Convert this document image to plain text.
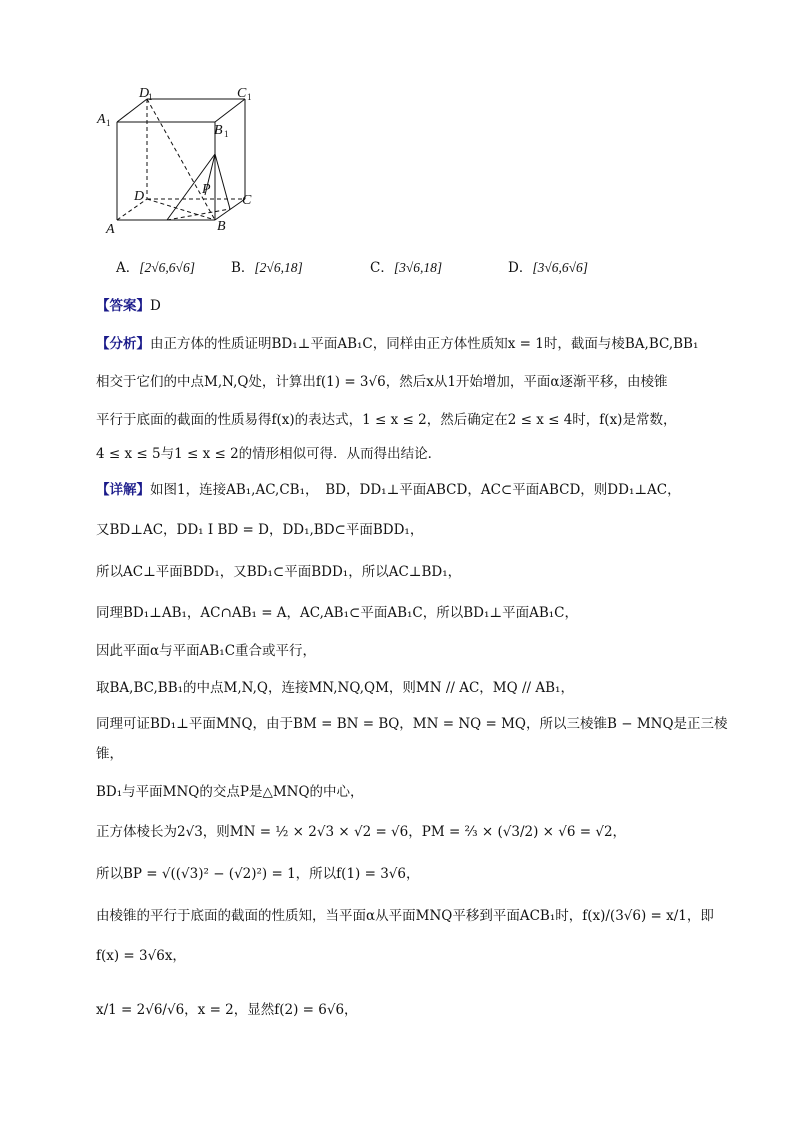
D
1	C 1
A 1	B 1
D	C
A	B
P
A．[2√6,6√6]	B．[2√6,18]	C．[3√6,18]	D．[3√6,6√6]
【答案】D
【分析】由正方体的性质证明BD₁⊥平面AB₁C，同样由正方体性质知x = 1时，截面与棱BA,BC,BB₁
相交于它们的中点M,N,Q处，计算出f(1) = 3√6，然后x从1开始增加，平面α逐渐平移，由棱锥
平行于底面的截面的性质易得f(x)的表达式，1 ≤ x ≤ 2，然后确定在2 ≤ x ≤ 4时，f(x)是常数，
4 ≤ x ≤ 5与1 ≤ x ≤ 2的情形相似可得．从而得出结论．
【详解】如图1，连接AB₁,AC,CB₁，　BD，DD₁⊥平面ABCD，AC⊂平面ABCD，则DD₁⊥AC，
又BD⊥AC，DD₁ I BD = D，DD₁,BD⊂平面BDD₁，
所以AC⊥平面BDD₁，又BD₁⊂平面BDD₁，所以AC⊥BD₁，
同理BD₁⊥AB₁，AC∩AB₁ = A，AC,AB₁⊂平面AB₁C，所以BD₁⊥平面AB₁C，
因此平面α与平面AB₁C重合或平行，
取BA,BC,BB₁的中点M,N,Q，连接MN,NQ,QM，则MN // AC，MQ // AB₁，
同理可证BD₁⊥平面MNQ，由于BM = BN = BQ，MN = NQ = MQ，所以三棱锥B − MNQ是正三棱
锥，
BD₁与平面MNQ的交点P是△MNQ的中心，
正方体棱长为2√3，则MN = ½ × 2√3 × √2 = √6，PM = ⅔ × (√3/2) × √6 = √2，
所以BP = √((√3)² − (√2)²) = 1，所以f(1) = 3√6，
由棱锥的平行于底面的截面的性质知，当平面α从平面MNQ平移到平面ACB₁时，f(x)/(3√6) = x/1，即
f(x) = 3√6x，
x/1 = 2√6/√6，x = 2，显然f(2) = 6√6，
